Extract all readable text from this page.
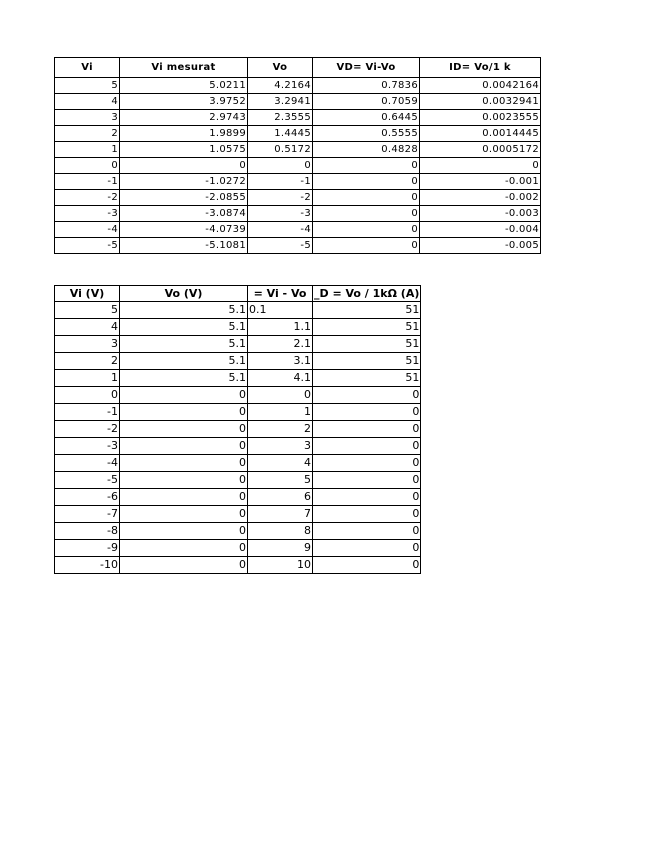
Vi	Vi mesurat	Vo	VD= Vi-Vo	ID= Vo/1 k
5	5.0211	4.2164	0.7836	0.0042164
4	3.9752	3.2941	0.7059	0.0032941
3	2.9743	2.3555	0.6445	0.0023555
2	1.9899	1.4445	0.5555	0.0014445
1	1.0575	0.5172	0.4828	0.0005172
0	0	0	0	0
-1	-1.0272	-1	0	-0.001
-2	-2.0855	-2	0	-0.002
-3	-3.0874	-3	0	-0.003
-4	-4.0739	-4	0	-0.004
-5	-5.1081	-5	0	-0.005
Vi (V)	Vo (V)	= Vi - Vo	_D = Vo / 1kΩ (A)
5	5.1	0.1	51
4	5.1	1.1	51
3	5.1	2.1	51
2	5.1	3.1	51
1	5.1	4.1	51
0	0	0	0
-1	0	1	0
-2	0	2	0
-3	0	3	0
-4	0	4	0
-5	0	5	0
-6	0	6	0
-7	0	7	0
-8	0	8	0
-9	0	9	0
-10	0	10	0
